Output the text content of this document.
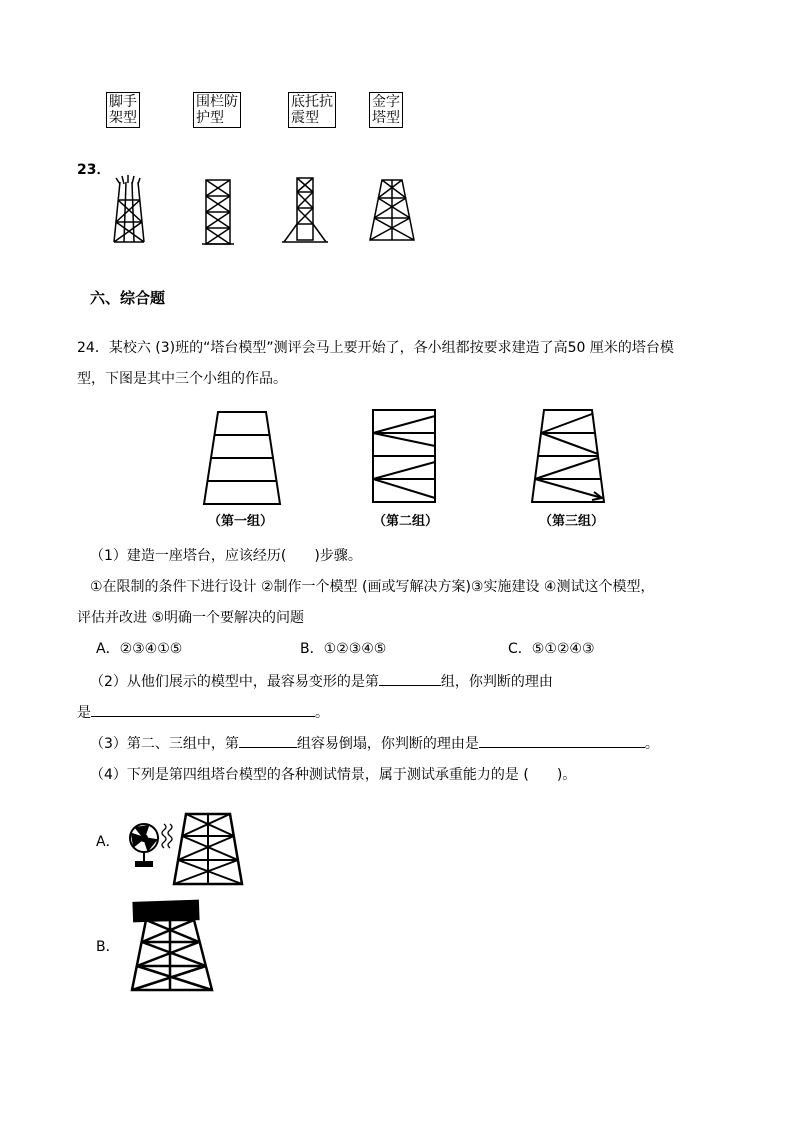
脚手
架型
围栏防
护型
底托抗
震型
金字
塔型
23．
六、综合题
24．某校六 (3)班的“塔台模型”测评会马上要开始了，各小组都按要求建造了高50 厘米的塔台模
型，下图是其中三个小组的作品。
（第一组）	（第二组）	（第三组）
（1）建造一座塔台，应该经历(　　)步骤。
①在限制的条件下进行设计 ②制作一个模型 (画或写解决方案)③实施建设 ④测试这个模型，
评估并改进 ⑤明确一个要解决的问题
A．②③④①⑤	B．①②③④⑤	C．⑤①②④③
（2）从他们展示的模型中，最容易变形的是第	组，你判断的理由
是	。
（3）第二、三组中，第	组容易倒塌，你判断的理由是	。
（4）下列是第四组塔台模型的各种测试情景，属于测试承重能力的是 (　　)。
A．
B．
